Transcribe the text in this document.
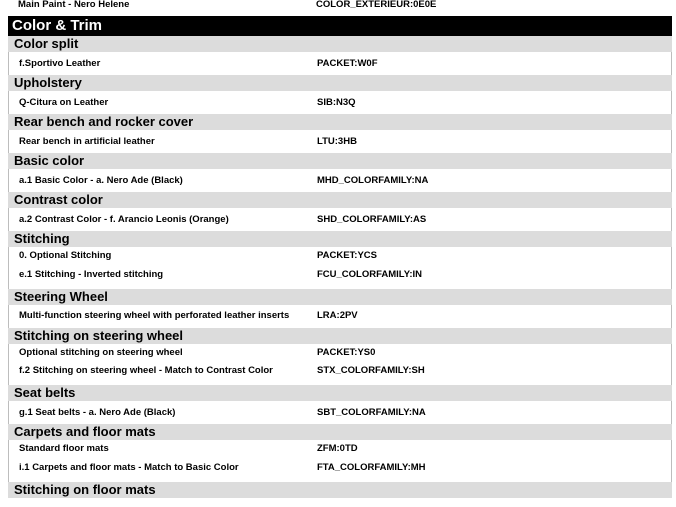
Main Paint - Nero Helene	COLOR_EXTERIEUR:0E0E
Color & Trim
Color split
f.Sportivo Leather	PACKET:W0F
Upholstery
Q-Citura on Leather	SIB:N3Q
Rear bench and rocker cover
Rear bench in artificial leather	LTU:3HB
Basic color
a.1 Basic Color - a. Nero Ade (Black)	MHD_COLORFAMILY:NA
Contrast color
a.2 Contrast Color - f. Arancio Leonis (Orange)	SHD_COLORFAMILY:AS
Stitching
0. Optional Stitching	PACKET:YCS
e.1 Stitching - Inverted stitching	FCU_COLORFAMILY:IN
Steering Wheel
Multi-function steering wheel with perforated leather inserts	LRA:2PV
Stitching on steering wheel
Optional stitching on steering wheel	PACKET:YS0
f.2 Stitching on steering wheel - Match to Contrast Color	STX_COLORFAMILY:SH
Seat belts
g.1 Seat belts - a. Nero Ade (Black)	SBT_COLORFAMILY:NA
Carpets and floor mats
Standard floor mats	ZFM:0TD
i.1 Carpets and floor mats - Match to Basic Color	FTA_COLORFAMILY:MH
Stitching on floor mats
